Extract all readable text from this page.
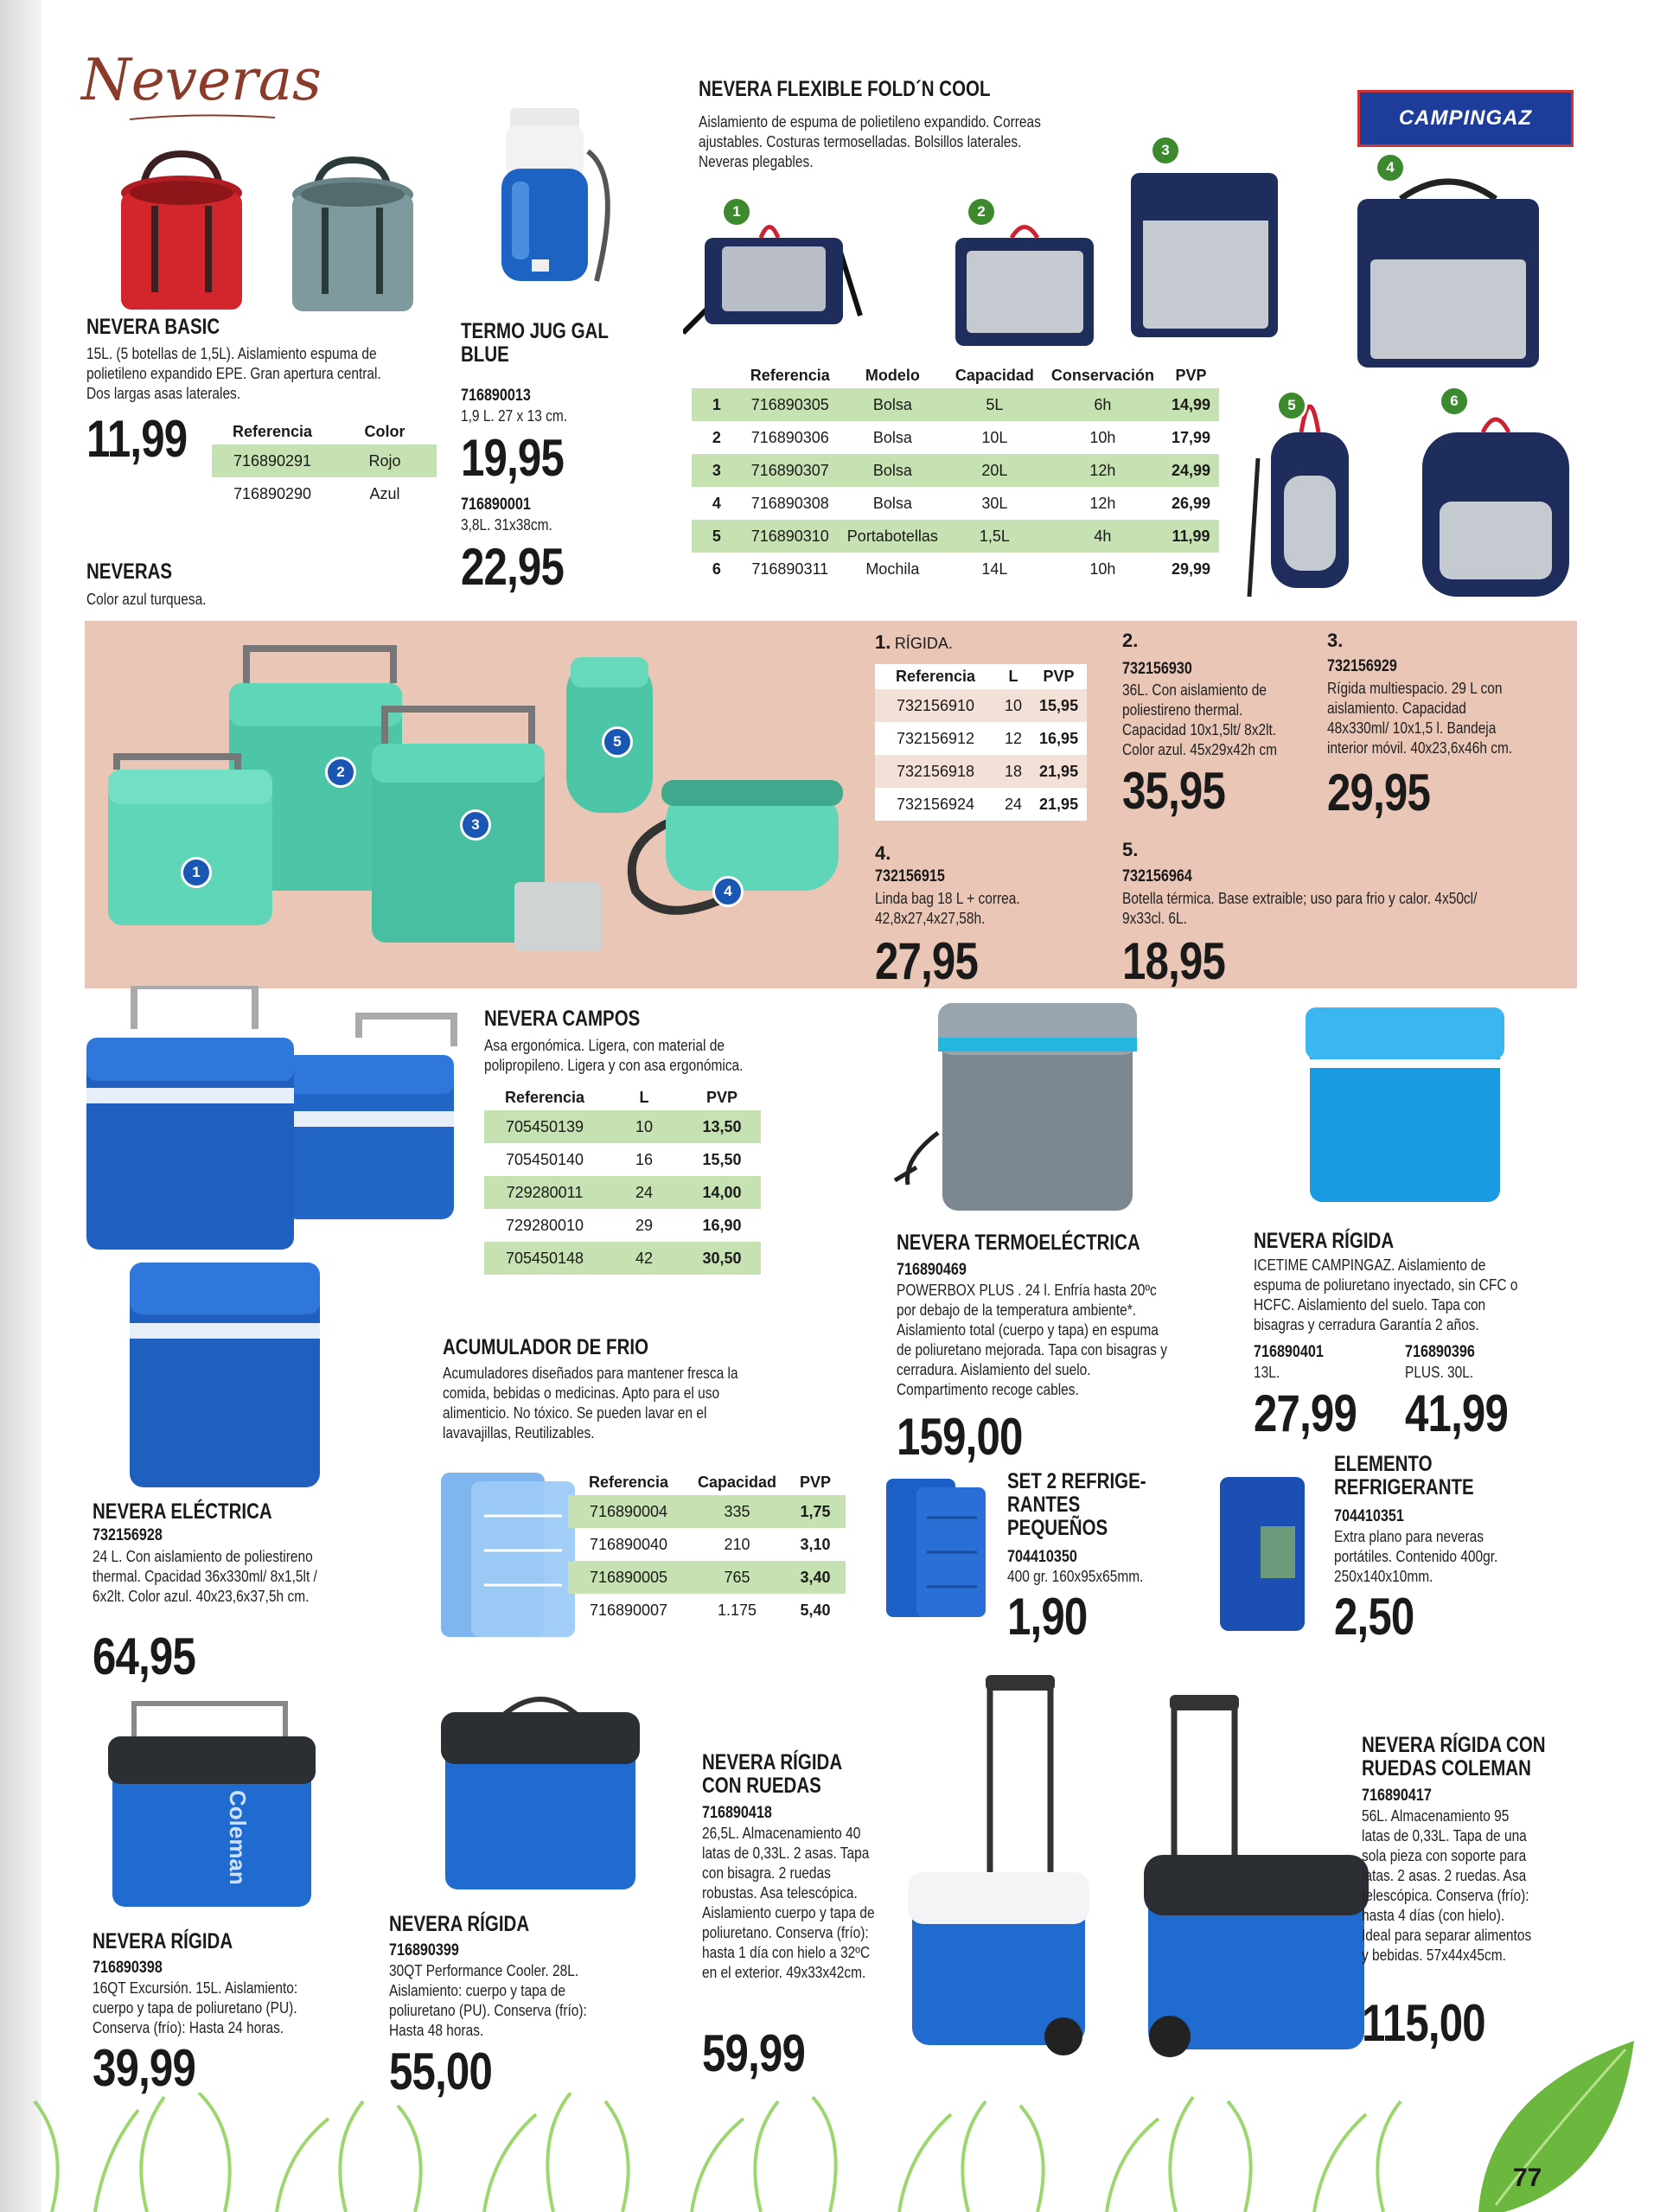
Neveras
NEVERA BASIC
15L. (5 botellas de 1,5L). Aislamiento espuma de polietileno expandido EPE. Gran apertura central. Dos largas asas laterales.
11,99	Referencia	Color
716890291	Rojo
716890290	Azul
TERMO JUG GAL
BLUE
716890013
1,9 L. 27 x 13 cm.
19,95
716890001
3,8L. 31x38cm.
22,95
NEVERAS
Color azul turquesa.
NEVERA FLEXIBLE FOLD´N COOL
Aislamiento de espuma de polietileno expandido. Correas ajustables. Costuras termoselladas. Bolsillos laterales. Neveras plegables.
CAMPINGAZ
1	2
3
4
5	6
	Referencia	Modelo	Capacidad	Conservación	PVP
1	716890305	Bolsa	5L	6h	14,99
2	716890306	Bolsa	10L	10h	17,99
3	716890307	Bolsa	20L	12h	24,99
4	716890308	Bolsa	30L	12h	26,99
5	716890310	Portabotellas	1,5L	4h	11,99
6	716890311	Mochila	14L	10h	29,99
1
2
3
4
5
1. RÍGIDA.
Referencia	L	PVP
732156910	10	15,95
732156912	12	16,95
732156918	18	21,95
732156924	24	21,95
2.
732156930
36L. Con aislamiento de poliestireno thermal. Capacidad 10x1,5lt/ 8x2lt. Color azul. 45x29x42h cm
35,95
3.
732156929
Rígida multiespacio. 29 L con aislamiento. Capacidad 48x330ml/ 10x1,5 l. Bandeja interior móvil. 40x23,6x46h cm.
29,95
4.
732156915
Linda bag 18 L + correa. 42,8x27,4x27,58h.
27,95
5.
732156964
Botella térmica. Base extraible; uso para frio y calor. 4x50cl/ 9x33cl. 6L.
18,95
NEVERA CAMPOS
Asa ergonómica. Ligera, con material de polipropileno. Ligera y con asa ergonómica.
Referencia	L	PVP
705450139	10	13,50
705450140	16	15,50
729280011	24	14,00
729280010	29	16,90
705450148	42	30,50
NEVERA TERMOELÉCTRICA
716890469
POWERBOX PLUS . 24 l. Enfría hasta 20ºc por debajo de la temperatura ambiente*. Aislamiento total (cuerpo y tapa) en espuma de poliuretano mejorada. Tapa con bisagras y cerradura. Aislamiento del suelo. Compartimento recoge cables.
159,00
NEVERA RÍGIDA
ICETIME CAMPINGAZ. Aislamiento de espuma de poliuretano inyectado, sin CFC o HCFC. Aislamiento del suelo. Tapa con bisagras y cerradura Garantía 2 años.
716890401
13L.
27,99
716890396
PLUS. 30L.
41,99
ACUMULADOR DE FRIO
Acumuladores diseñados para mantener fresca la comida, bebidas o medicinas. Apto para el uso alimenticio. No tóxico. Se pueden lavar en el lavavajillas, Reutilizables.
Referencia	Capacidad	PVP
716890004	335	1,75
716890040	210	3,10
716890005	765	3,40
716890007	1.175	5,40
NEVERA ELÉCTRICA
732156928
24 L. Con aislamiento de poliestireno thermal. Cpacidad 36x330ml/ 8x1,5lt / 6x2lt. Color azul. 40x23,6x37,5h cm.
64,95
SET 2 REFRIGE-
RANTES
PEQUEÑOS
704410350
400 gr. 160x95x65mm.
1,90
ELEMENTO
REFRIGERANTE
704410351
Extra plano para neveras portátiles. Contenido 400gr. 250x140x10mm.
2,50
Coleman
NEVERA RÍGIDA
716890398
16QT Excursión. 15L. Aislamiento: cuerpo y tapa de poliuretano (PU). Conserva (frío): Hasta 24 horas.
39,99
NEVERA RÍGIDA
716890399
30QT Performance Cooler. 28L. Aislamiento: cuerpo y tapa de poliuretano (PU). Conserva (frío): Hasta 48 horas.
55,00
NEVERA RÍGIDA
CON RUEDAS
716890418
26,5L. Almacenamiento 40 latas de 0,33L. 2 asas. Tapa con bisagra. 2 ruedas robustas. Asa telescópica. Aislamiento cuerpo y tapa de poliuretano. Conserva (frío): hasta 1 día con hielo a 32ºC en el exterior. 49x33x42cm.
59,99
NEVERA RÍGIDA CON
RUEDAS COLEMAN
716890417
56L. Almacenamiento 95 latas de 0,33L. Tapa de una sola pieza con soporte para latas. 2 asas. 2 ruedas. Asa telescópica. Conserva (frío): hasta 4 días (con hielo). Ideal para separar alimentos y bebidas. 57x44x45cm.
115,00
77
